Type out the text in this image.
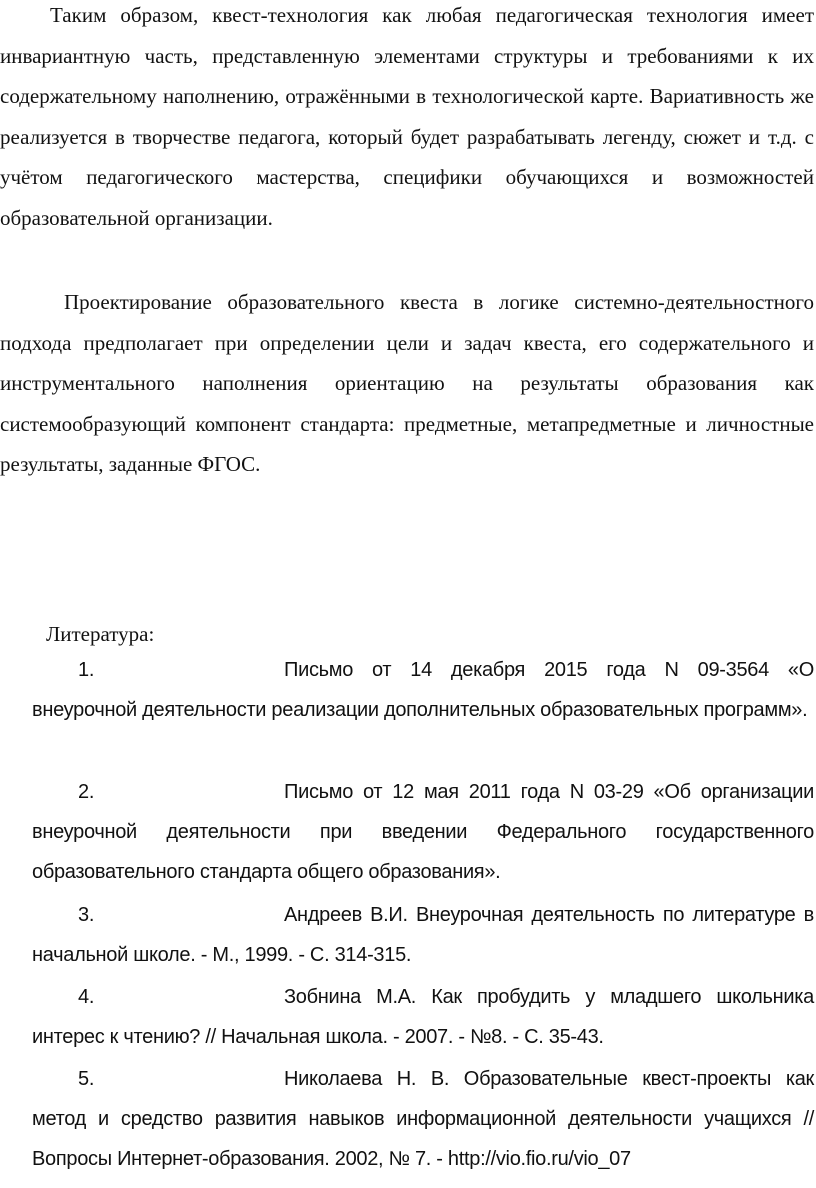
Таким образом, квест-технология как любая педагогическая технология имеет инвариантную часть, представленную элементами структуры и требованиями к их содержательному наполнению, отражёнными в технологической карте. Вариативность же реализуется в творчестве педагога, который будет разрабатывать легенду, сюжет и т.д. с учётом педагогического мастерства, специфики обучающихся и возможностей образовательной организации.

Проектирование образовательного квеста в логике системно-деятельностного подхода предполагает при определении цели и задач квеста, его содержательного и инструментального наполнения ориентацию на результаты образования как системообразующий компонент стандарта: предметные, метапредметные и личностные результаты, заданные ФГОС.

Литература:

1.	Письмо от 14 декабря 2015 года N 09-3564 «О внеурочной деятельности реализации дополнительных образовательных программ».

2.	Письмо от 12 мая 2011 года N 03-29 «Об организации внеурочной деятельности при введении Федерального государственного образовательного стандарта общего образования».

3.	Андреев В.И. Внеурочная деятельность по литературе в начальной школе. - М., 1999. - С. 314-315.

4.	Зобнина М.А. Как пробудить у младшего школьника интерес к чтению? // Начальная школа. - 2007. - №8. - С. 35-43.

5.	Николаева Н. В. Образовательные квест-проекты как метод и средство развития навыков информационной деятельности учащихся //Вопросы Интернет-образования. 2002, № 7. - http://vio.fio.ru/vio_07
